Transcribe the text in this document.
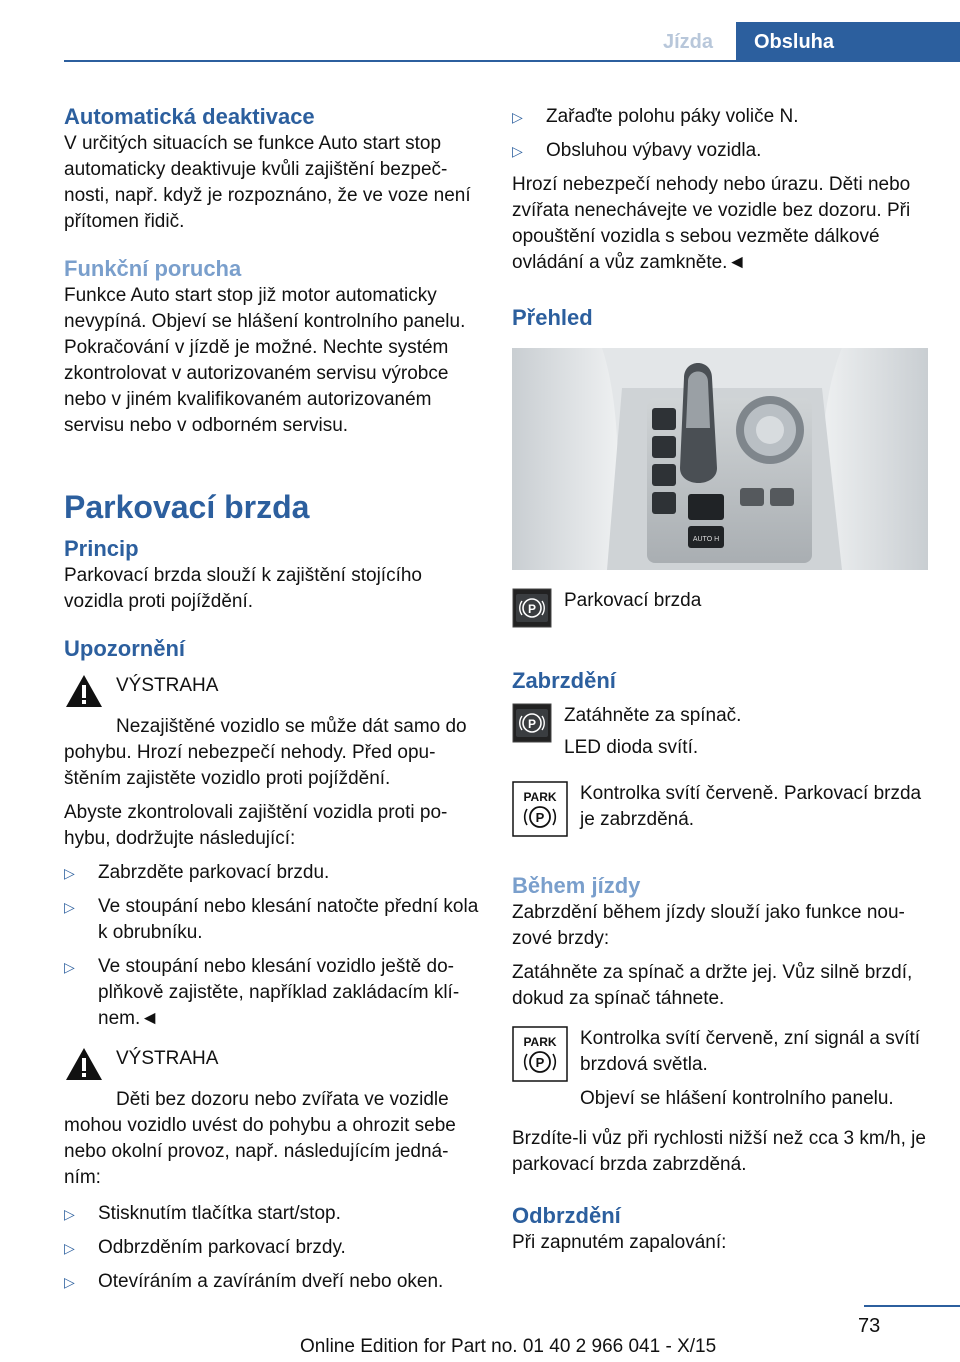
Jízda	Obsluha
Automatická deaktivace
V určitých situacích se funkce Auto start stop automaticky deaktivuje kvůli zajištění bezpeč-nosti, např. když je rozpoznáno, že ve voze není přítomen řidič.
Funkční porucha
Funkce Auto start stop již motor automaticky nevypíná. Objeví se hlášení kontrolního panelu. Pokračování v jízdě je možné. Nechte systém zkontrolovat v autorizovaném servisu výrobce nebo v jiném kvalifikovaném autorizovaném servisu nebo v odborném servisu.
Parkovací brzda
Princip
Parkovací brzda slouží k zajištění stojícího vozidla proti pojíždění.
Upozornění
VÝSTRAHA
Nezajištěné vozidlo se může dát samo do pohybu. Hrozí nebezpečí nehody. Před opu-štěním zajistěte vozidlo proti pojíždění.
Abyste zkontrolovali zajištění vozidla proti po-hybu, dodržujte následující:
▷	Zabrzděte parkovací brzdu.
▷	Ve stoupání nebo klesání natočte přední kola k obrubníku.
▷	Ve stoupání nebo klesání vozidlo ještě do-plňkově zajistěte, například zakládacím klí-nem.◄
VÝSTRAHA
Děti bez dozoru nebo zvířata ve vozidle mohou vozidlo uvést do pohybu a ohrozit sebe nebo okolní provoz, např. následujícím jedná-ním:
▷	Stisknutím tlačítka start/stop.
▷	Odbrzděním parkovací brzdy.
▷	Otevíráním a zavíráním dveří nebo oken.
▷	Zařaďte polohu páky voliče N.
▷	Obsluhou výbavy vozidla.
Hrozí nebezpečí nehody nebo úrazu. Děti nebo zvířata nenechávejte ve vozidle bez dozoru. Při opouštění vozidla s sebou vezměte dálkové ovládání a vůz zamkněte.◄
Přehled
AUTO H
P Parkovací brzda
Zabrzdění
P Zatáhněte za spínač.
LED dioda svítí.
PARK
P
Kontrolka svítí červeně. Parkovací brzda je zabrzděná.
Během jízdy
Zabrzdění během jízdy slouží jako funkce nou-zové brzdy:
Zatáhněte za spínač a držte jej. Vůz silně brzdí, dokud za spínač táhnete.
PARK
P
Kontrolka svítí červeně, zní signál a svítí brzdová světla.
Objeví se hlášení kontrolního panelu.
Brzdíte-li vůz při rychlosti nižší než cca 3 km/h, je parkovací brzda zabrzděná.
Odbrzdění
Při zapnutém zapalování:
73
Online Edition for Part no. 01 40 2 966 041 - X/15
